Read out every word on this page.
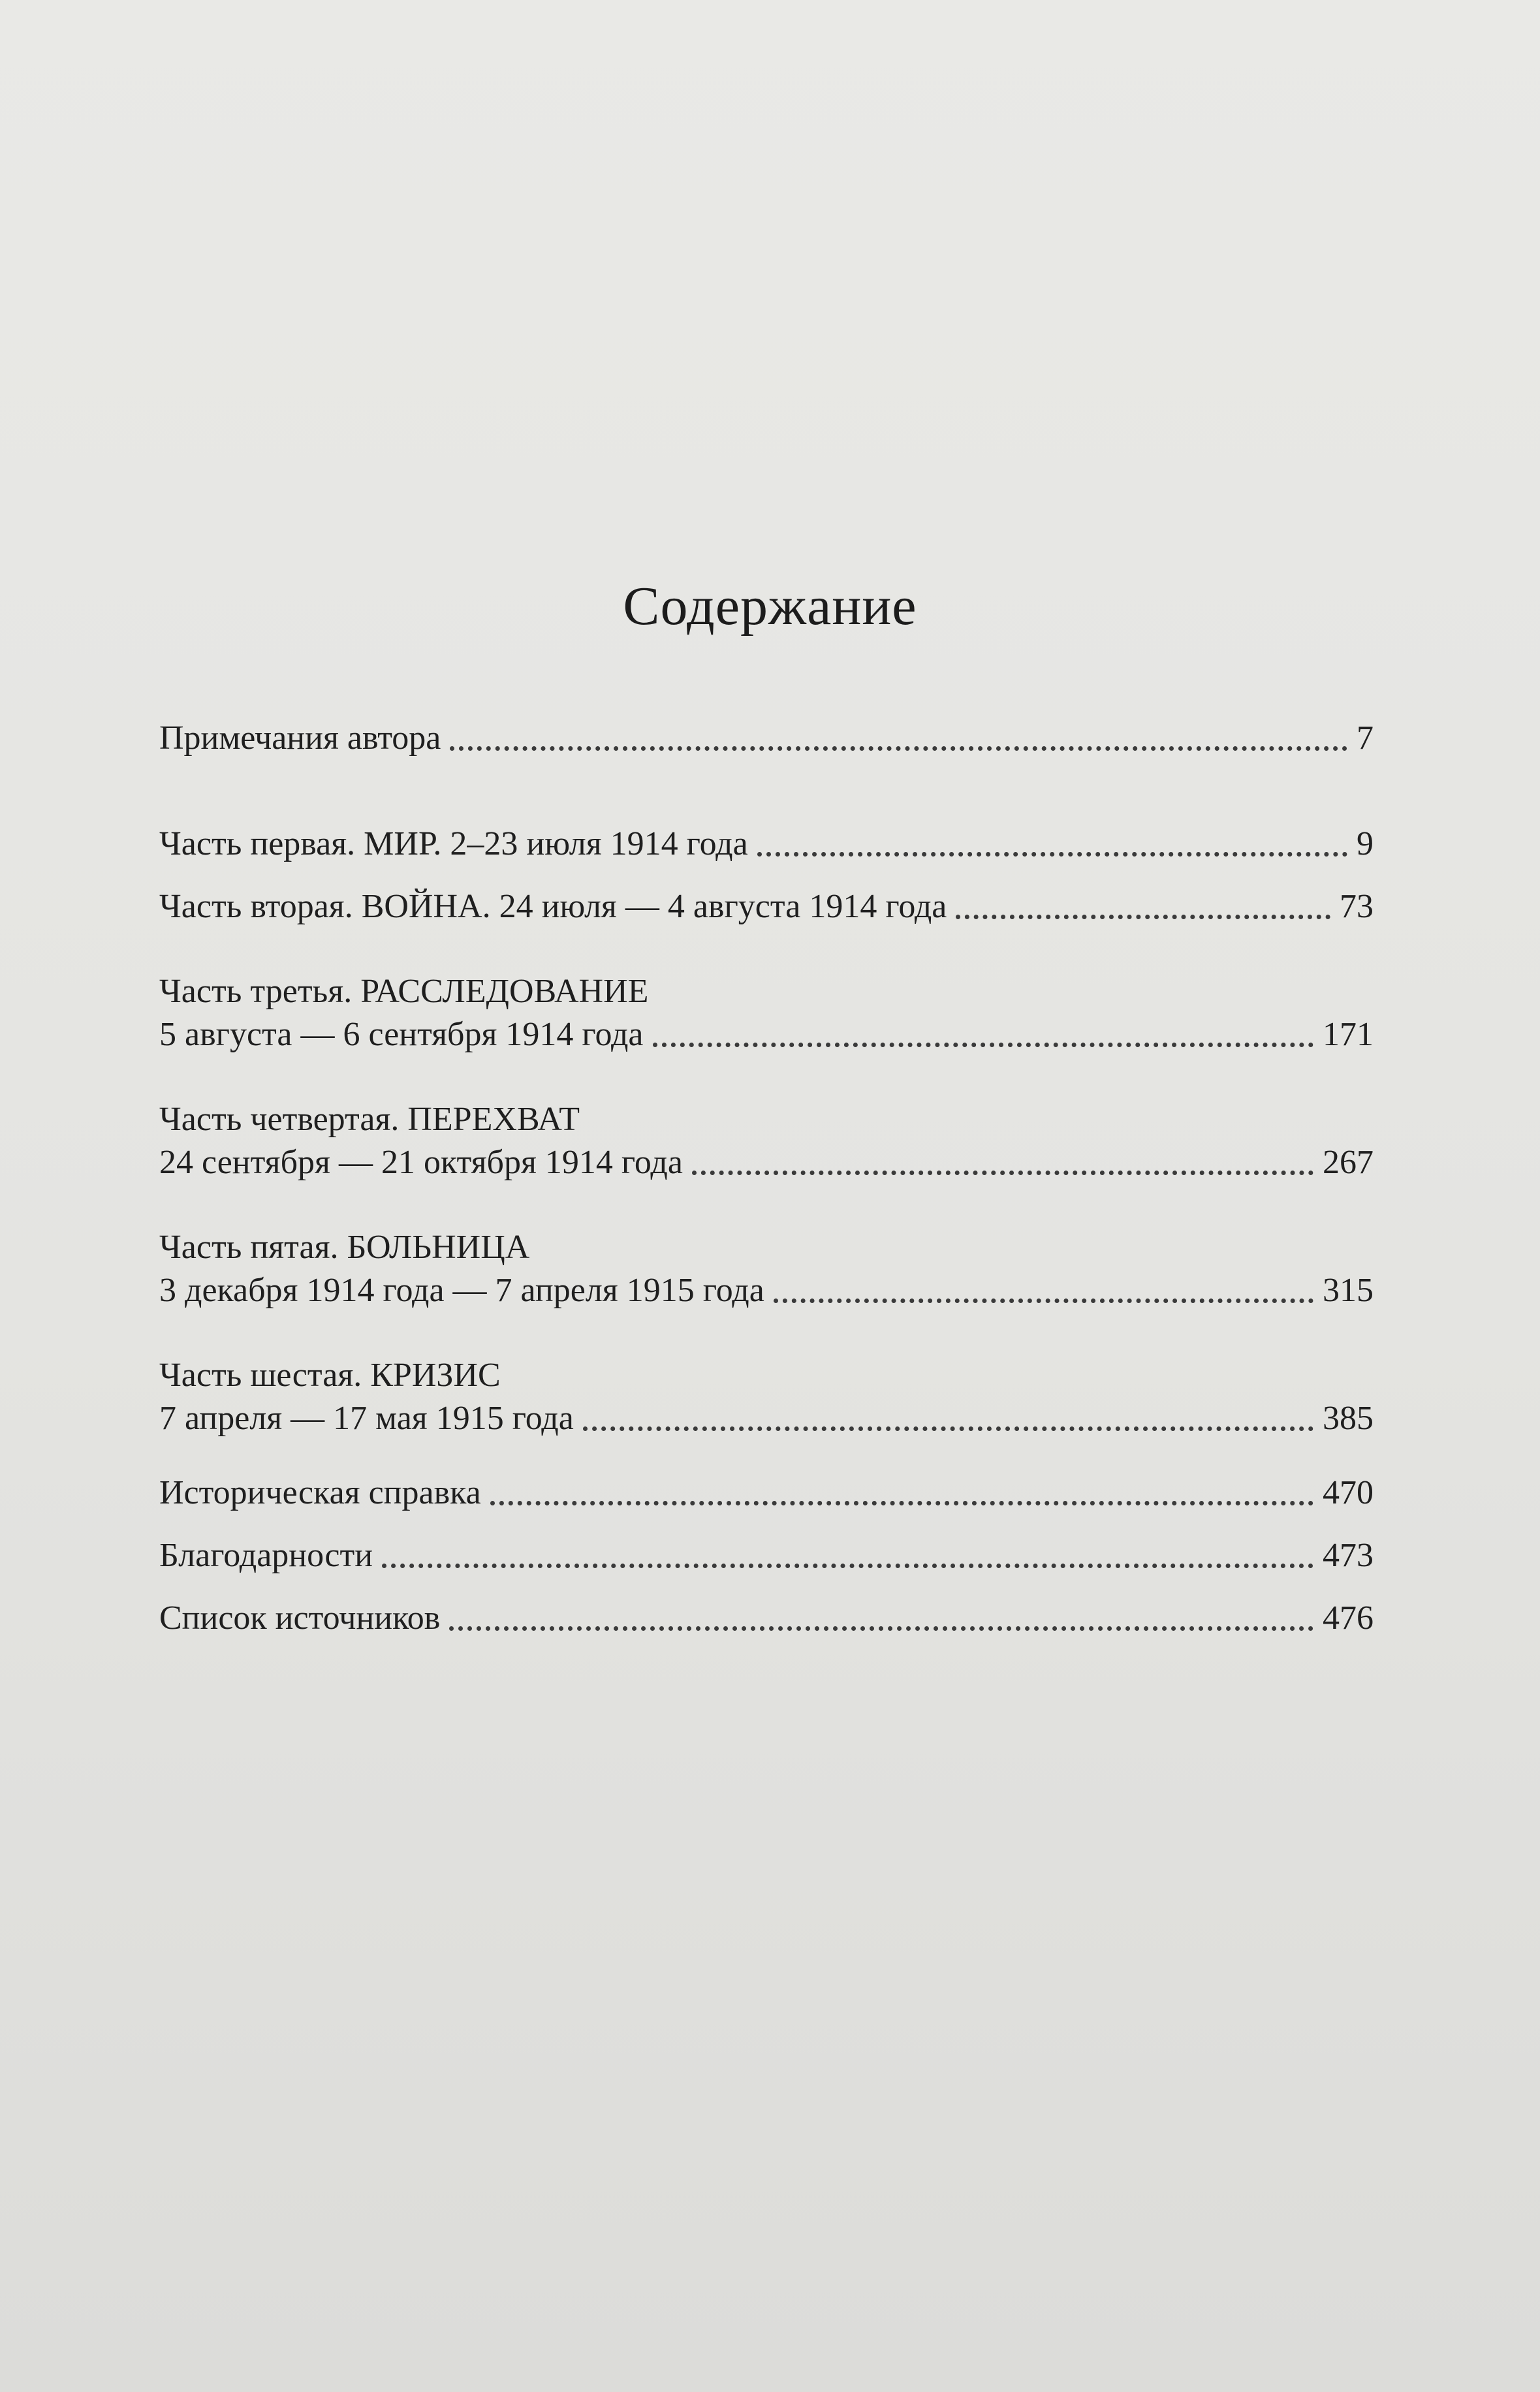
Содержание
Примечания автора	7
Часть первая. МИР. 2–23 июля 1914 года	9
Часть вторая. ВОЙНА. 24 июля — 4 августа 1914 года	73
Часть третья. РАССЛЕДОВАНИЕ
5 августа — 6 сентября 1914 года	171
Часть четвертая. ПЕРЕХВАТ
24 сентября — 21 октября 1914 года	267
Часть пятая. БОЛЬНИЦА
3 декабря 1914 года — 7 апреля 1915 года	315
Часть шестая. КРИЗИС
7 апреля — 17 мая 1915 года	385
Историческая справка	470
Благодарности	473
Список источников	476
